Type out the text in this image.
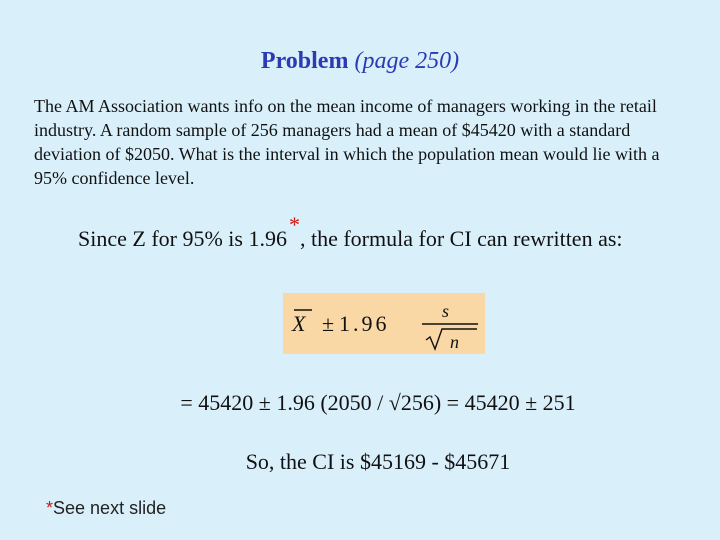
Problem (page 250)

The AM Association wants info on the mean income of managers working in the retail industry. A random sample of 256 managers had a mean of $45420 with a standard deviation of $2050. What is the interval in which the population mean would lie with a 95% confidence level.

Since Z for 95% is 1.96*, the formula for CI can rewritten as:
X ± 1.96	s
n
= 45420 ± 1.96 (2050 / √256) = 45420 ± 251
So, the CI is $45169 - $45671
*See next slide
